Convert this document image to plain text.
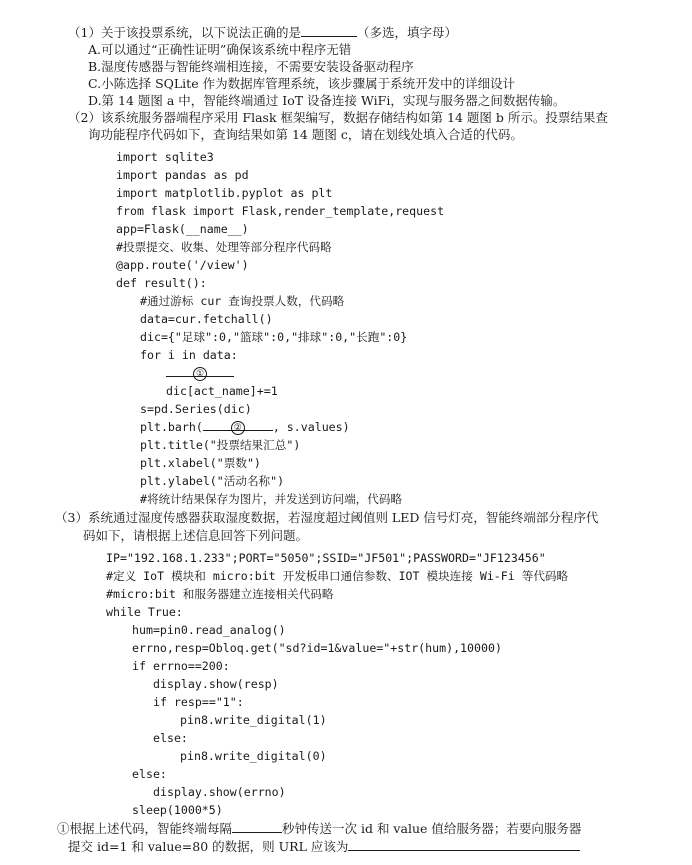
（1）关于该投票系统，以下说法正确的是	（多选，填字母）
A.可以通过“正确性证明”确保该系统中程序无错
B.湿度传感器与智能终端相连接，不需要安装设备驱动程序
C.小陈选择 SQLite 作为数据库管理系统，该步骤属于系统开发中的详细设计
D.第 14 题图 a 中，智能终端通过 IoT 设备连接 WiFi，实现与服务器之间数据传输。
（2）该系统服务器端程序采用 Flask 框架编写，数据存储结构如第 14 题图 b 所示。投票结果查
询功能程序代码如下，查询结果如第 14 题图 c，请在划线处填入合适的代码。
import sqlite3
import pandas as pd
import matplotlib.pyplot as plt
from flask import Flask,render_template,request
app=Flask(__name__)
#投票提交、收集、处理等部分程序代码略
@app.route('/view')
def result():
#通过游标 cur 查询投票人数，代码略
data=cur.fetchall()
dic={"足球":0,"篮球":0,"排球":0,"长跑":0}
for i in data:
①
dic[act_name]+=1
s=pd.Series(dic)
plt.barh(	②	, s.values)
plt.title("投票结果汇总")
plt.xlabel("票数")
plt.ylabel("活动名称")
#将统计结果保存为图片，并发送到访问端，代码略
（3）系统通过湿度传感器获取湿度数据，若湿度超过阈值则 LED 信号灯亮，智能终端部分程序代
码如下，请根据上述信息回答下列问题。
IP="192.168.1.233";PORT="5050";SSID="JF501";PASSWORD="JF123456"
#定义 IoT 模块和 micro:bit 开发板串口通信参数、IOT 模块连接 Wi-Fi 等代码略
#micro:bit 和服务器建立连接相关代码略
while True:
hum=pin0.read_analog()
errno,resp=Obloq.get("sd?id=1&value="+str(hum),10000)
if errno==200:
display.show(resp)
if resp=="1":
pin8.write_digital(1)
else:
pin8.write_digital(0)
else:
display.show(errno)
sleep(1000*5)
①根据上述代码，智能终端每隔	秒钟传送一次 id 和 value 值给服务器；若要向服务器
提交 id=1 和 value=80 的数据，则 URL 应该为
